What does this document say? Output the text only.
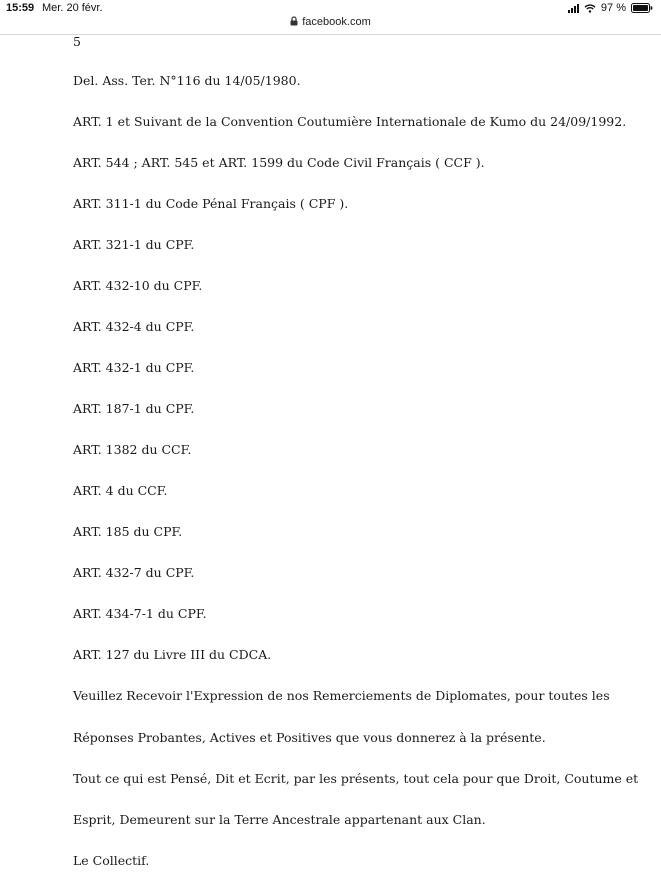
15:59 Mer. 20 févr.	97 %
facebook.com
5
Del. Ass. Ter. N°116 du 14/05/1980.
ART. 1 et Suivant de la Convention Coutumière Internationale de Kumo du 24/09/1992.
ART. 544 ; ART. 545 et ART. 1599 du Code Civil Français ( CCF ).
ART. 311-1 du Code Pénal Français ( CPF ).
ART. 321-1 du CPF.
ART. 432-10 du CPF.
ART. 432-4 du CPF.
ART. 432-1 du CPF.
ART. 187-1 du CPF.
ART. 1382 du CCF.
ART. 4 du CCF.
ART. 185 du CPF.
ART. 432-7 du CPF.
ART. 434-7-1 du CPF.
ART. 127 du Livre III du CDCA.
Veuillez Recevoir l'Expression de nos Remerciements de Diplomates, pour toutes les
Réponses Probantes, Actives et Positives que vous donnerez à la présente.
Tout ce qui est Pensé, Dit et Ecrit, par les présents, tout cela pour que Droit, Coutume et
Esprit, Demeurent sur la Terre Ancestrale appartenant aux Clan.
Le Collectif.
